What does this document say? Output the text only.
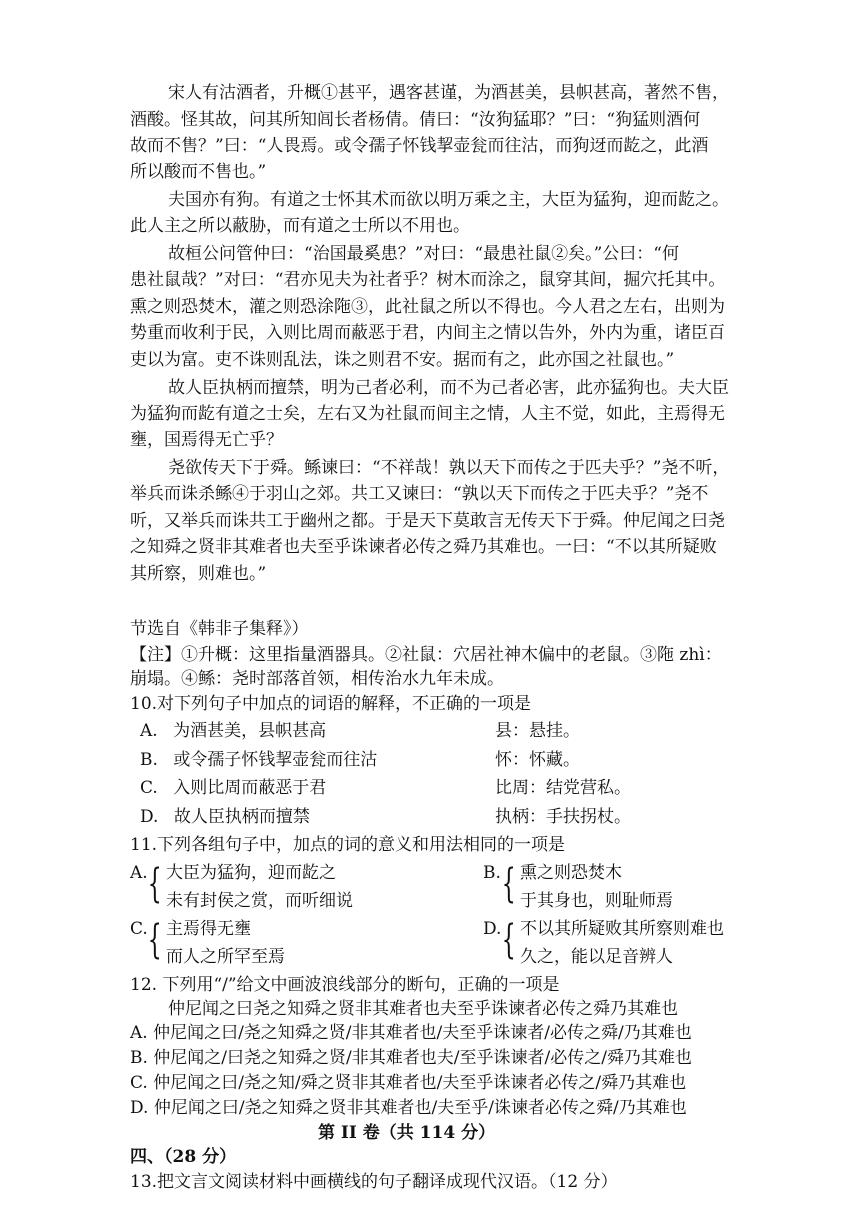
宋人有沽酒者，升概①甚平，遇客甚谨，为酒甚美，县帜甚高，著然不售，
酒酸。怪其故，问其所知闾长者杨倩。倩曰：“汝狗猛耶？”曰：“狗猛则酒何
故而不售？”曰：“人畏焉。或令孺子怀钱挈壶瓮而往沽，而狗迓而龁之，此酒
所以酸而不售也。”
夫国亦有狗。有道之士怀其术而欲以明万乘之主，大臣为猛狗，迎而龁之。
此人主之所以蔽胁，而有道之士所以不用也。
故桓公问管仲曰：“治国最奚患？”对曰：“最患社鼠②矣。”公曰：“何
患社鼠哉？”对曰：“君亦见夫为社者乎？树木而涂之，鼠穿其间，掘穴托其中。
熏之则恐焚木，灌之则恐涂陁③，此社鼠之所以不得也。今人君之左右，出则为
势重而收利于民，入则比周而蔽恶于君，内间主之情以告外，外内为重，诸臣百
吏以为富。吏不诛则乱法，诛之则君不安。据而有之，此亦国之社鼠也。”
故人臣执柄而擅禁，明为己者必利，而不为己者必害，此亦猛狗也。夫大臣
为猛狗而龁有道之士矣，左右又为社鼠而间主之情，人主不觉，如此，主焉得无
壅，国焉得无亡乎？
尧欲传天下于舜。鲧谏曰：“不祥哉！孰以天下而传之于匹夫乎？”尧不听，
举兵而诛杀鲧④于羽山之郊。共工又谏曰：“孰以天下而传之于匹夫乎？”尧不
听，又举兵而诛共工于幽州之都。于是天下莫敢言无传天下于舜。仲尼闻之曰尧
之知舜之贤非其难者也夫至乎诛谏者必传之舜乃其难也。一曰：“不以其所疑败
其所察，则难也。”
节选自《韩非子集释》）
【注】①升概：这里指量酒器具。②社鼠：穴居社神木偏中的老鼠。③陁 zhì：
崩塌。④鲧：尧时部落首领，相传治水九年未成。
10.对下列句子中加点的词语的解释，不正确的一项是
A. 为酒甚美，县帜甚高	县：悬挂。
B. 或令孺子怀钱挈壶瓮而往沽	怀：怀藏。
C. 入则比周而蔽恶于君	比周：结党营私。
D. 故人臣执柄而擅禁	执柄：手扶拐杖。
11.下列各组句子中，加点的词的意义和用法相同的一项是
A. { 大臣为猛狗，迎而龁之
未有封侯之赏，而听细说
B. { 熏之则恐焚木
于其身也，则耻师焉
C. { 主焉得无壅
而人之所罕至焉
D. { 不以其所疑败其所察则难也
久之，能以足音辨人
12. 下列用“/”给文中画波浪线部分的断句，正确的一项是
仲尼闻之曰尧之知舜之贤非其难者也夫至乎诛谏者必传之舜乃其难也
A. 仲尼闻之曰/尧之知舜之贤/非其难者也/夫至乎诛谏者/必传之舜/乃其难也
B. 仲尼闻之/曰尧之知舜之贤/非其难者也夫/至乎诛谏者/必传之/舜乃其难也
C. 仲尼闻之曰/尧之知/舜之贤非其难者也/夫至乎诛谏者必传之/舜乃其难也
D. 仲尼闻之曰/尧之知舜之贤非其难者也/夫至乎/诛谏者必传之舜/乃其难也
第 II 卷（共 114 分）
四、（28 分）
13.把文言文阅读材料中画横线的句子翻译成现代汉语。（12 分）
